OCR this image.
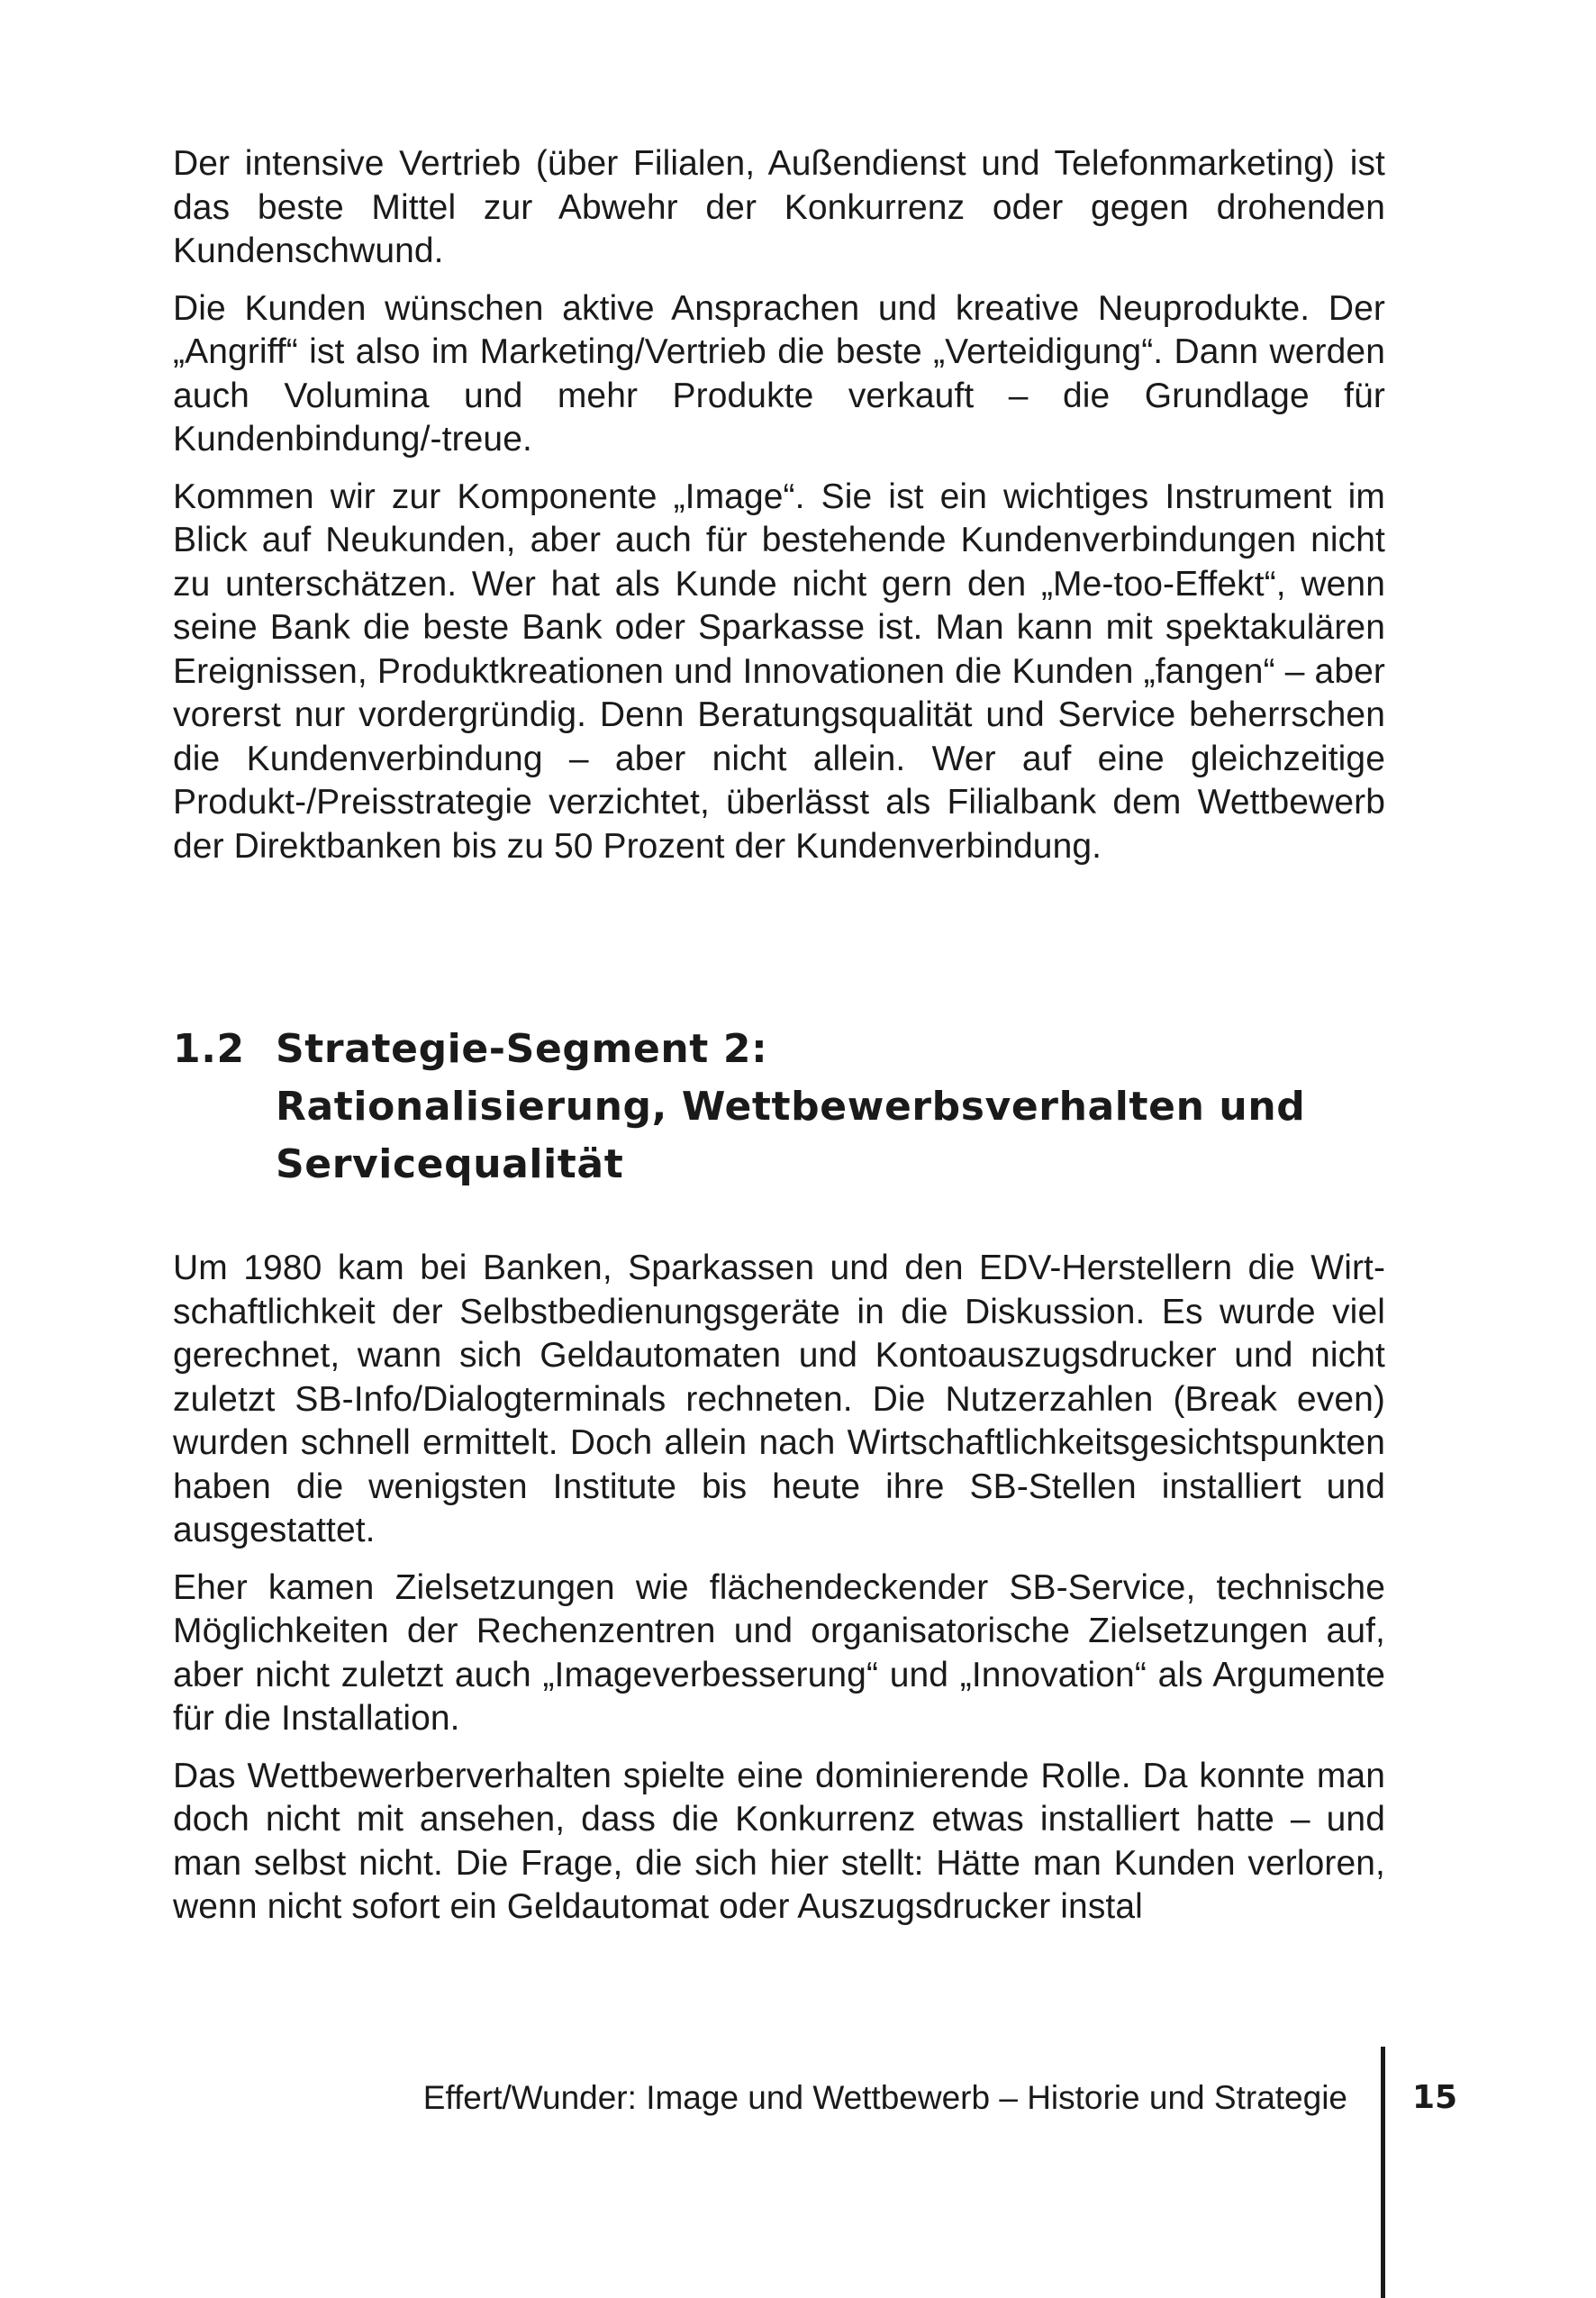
Der intensive Vertrieb (über Filialen, Außendienst und Telefonmarketing) ist das beste Mittel zur Abwehr der Konkurrenz oder gegen drohenden Kundenschwund.

Die Kunden wünschen aktive Ansprachen und kreative Neuprodukte. Der „Angriff“ ist also im Marketing/Vertrieb die beste „Verteidigung“. Dann werden auch Volumina und mehr Produkte verkauft – die Grundlage für Kundenbindung/-treue.

Kommen wir zur Komponente „Image“. Sie ist ein wichtiges Instrument im Blick auf Neukunden, aber auch für bestehende Kundenverbindungen nicht zu unterschätzen. Wer hat als Kunde nicht gern den „Me-too-Effekt“, wenn seine Bank die beste Bank oder Sparkasse ist. Man kann mit spektakulären Ereignissen, Produktkreationen und Innovationen die Kunden „fangen“ – aber vorerst nur vordergründig. Denn Beratungsqualität und Service beherrschen die Kundenverbindung – aber nicht allein. Wer auf eine gleichzeitige Produkt-/Preisstrategie verzichtet, überlässt als Filialbank dem Wettbewerb der Direktbanken bis zu 50 Prozent der Kundenverbindung.

1.2 Strategie-Segment 2:
Rationalisierung, Wettbewerbsverhalten und
Servicequalität

Um 1980 kam bei Banken, Sparkassen und den EDV-Herstellern die Wirtschaftlichkeit der Selbstbedienungsgeräte in die Diskussion. Es wurde viel gerechnet, wann sich Geldautomaten und Kontoauszugsdrucker und nicht zuletzt SB-Info/Dialogterminals rechneten. Die Nutzerzahlen (Break even) wurden schnell ermittelt. Doch allein nach Wirtschaftlichkeitsgesichtspunkten haben die wenigsten Institute bis heute ihre SB-Stellen installiert und ausgestattet.

Eher kamen Zielsetzungen wie flächendeckender SB-Service, technische Möglichkeiten der Rechenzentren und organisatorische Zielsetzungen auf, aber nicht zuletzt auch „Imageverbesserung“ und „Innovation“ als Argumente für die Installation.

Das Wettbewerberverhalten spielte eine dominierende Rolle. Da konnte man doch nicht mit ansehen, dass die Konkurrenz etwas installiert hatte – und man selbst nicht. Die Frage, die sich hier stellt: Hätte man Kunden verloren, wenn nicht sofort ein Geldautomat oder Auszugsdrucker instal

Effert/Wunder: Image und Wettbewerb – Historie und Strategie 15
